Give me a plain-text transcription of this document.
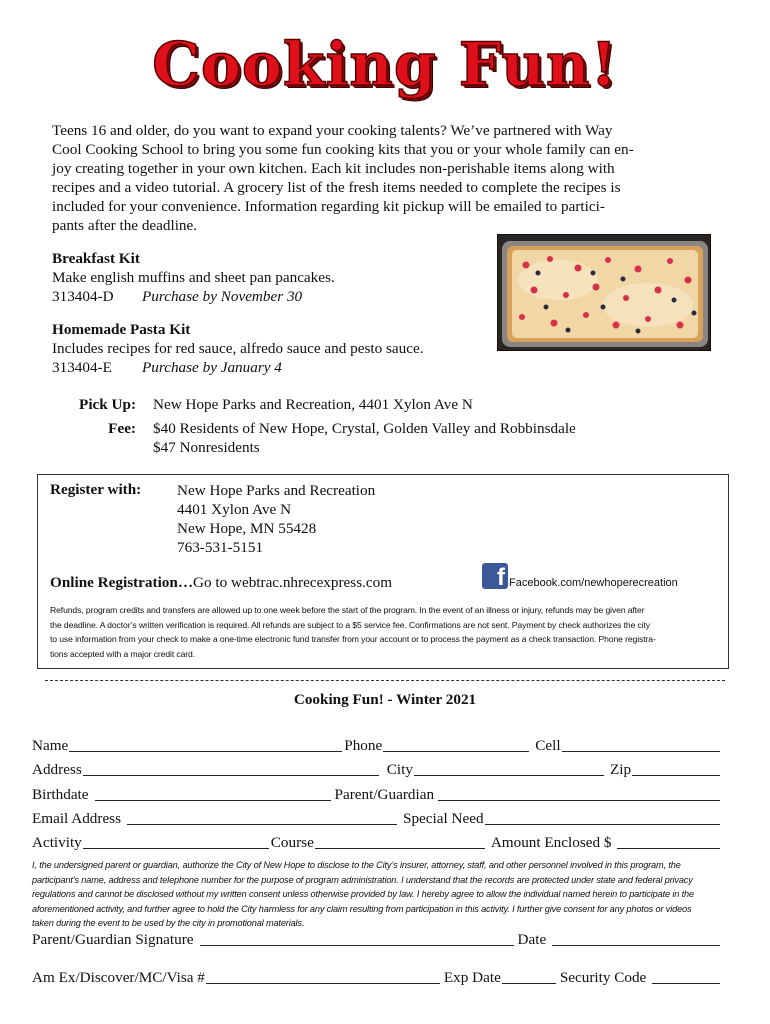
Cooking Fun!
Teens 16 and older, do you want to expand your cooking talents? We’ve partnered with Way
Cool Cooking School to bring you some fun cooking kits that you or your whole family can en-
joy creating together in your own kitchen. Each kit includes non-perishable items along with
recipes and a video tutorial. A grocery list of the fresh items needed to complete the recipes is
included for your convenience. Information regarding kit pickup will be emailed to partici-
pants after the deadline.
Breakfast Kit
Make english muffins and sheet pan pancakes.
313404-D Purchase by November 30
Homemade Pasta Kit
Includes recipes for red sauce, alfredo sauce and pesto sauce.
313404-E Purchase by January 4
Pick Up: New Hope Parks and Recreation, 4401 Xylon Ave N
Fee: $40 Residents of New Hope, Crystal, Golden Valley and Robbinsdale
$47 Nonresidents
Register with: New Hope Parks and Recreation
4401 Xylon Ave N
New Hope, MN 55428
763-531-5151
Online Registration…Go to webtrac.nhrecexpress.com
f	Facebook.com/newhoperecreation
Refunds, program credits and transfers are allowed up to one week before the start of the program. In the event of an illness or injury, refunds may be given after
the deadline. A doctor’s written verification is required. All refunds are subject to a $5 service fee. Confirmations are not sent. Payment by check authorizes the city
to use information from your check to make a one-time electronic fund transfer from your account or to process the payment as a check transaction. Phone registra-
tions accepted with a major credit card.
Cooking Fun! - Winter 2021
Name	Phone	Cell
Address	City	Zip
Birthdate	Parent/Guardian
Email Address	Special Need
Activity	Course	Amount Enclosed $
I, the undersigned parent or guardian, authorize the City of New Hope to disclose to the City’s insurer, attorney, staff, and other personnel involved in this program, the
participant’s name, address and telephone number for the purpose of program administration. I understand that the records are protected under state and federal privacy
regulations and cannot be disclosed without my written consent unless otherwise provided by law. I hereby agree to allow the individual named herein to participate in the
aforementioned activity, and further agree to hold the City harmless for any claim resulting from participation in this activity. I further give consent for any photos or videos
taken during the event to be used by the city in promotional materials.
Parent/Guardian Signature	Date
Am Ex/Discover/MC/Visa #	Exp Date	Security Code
